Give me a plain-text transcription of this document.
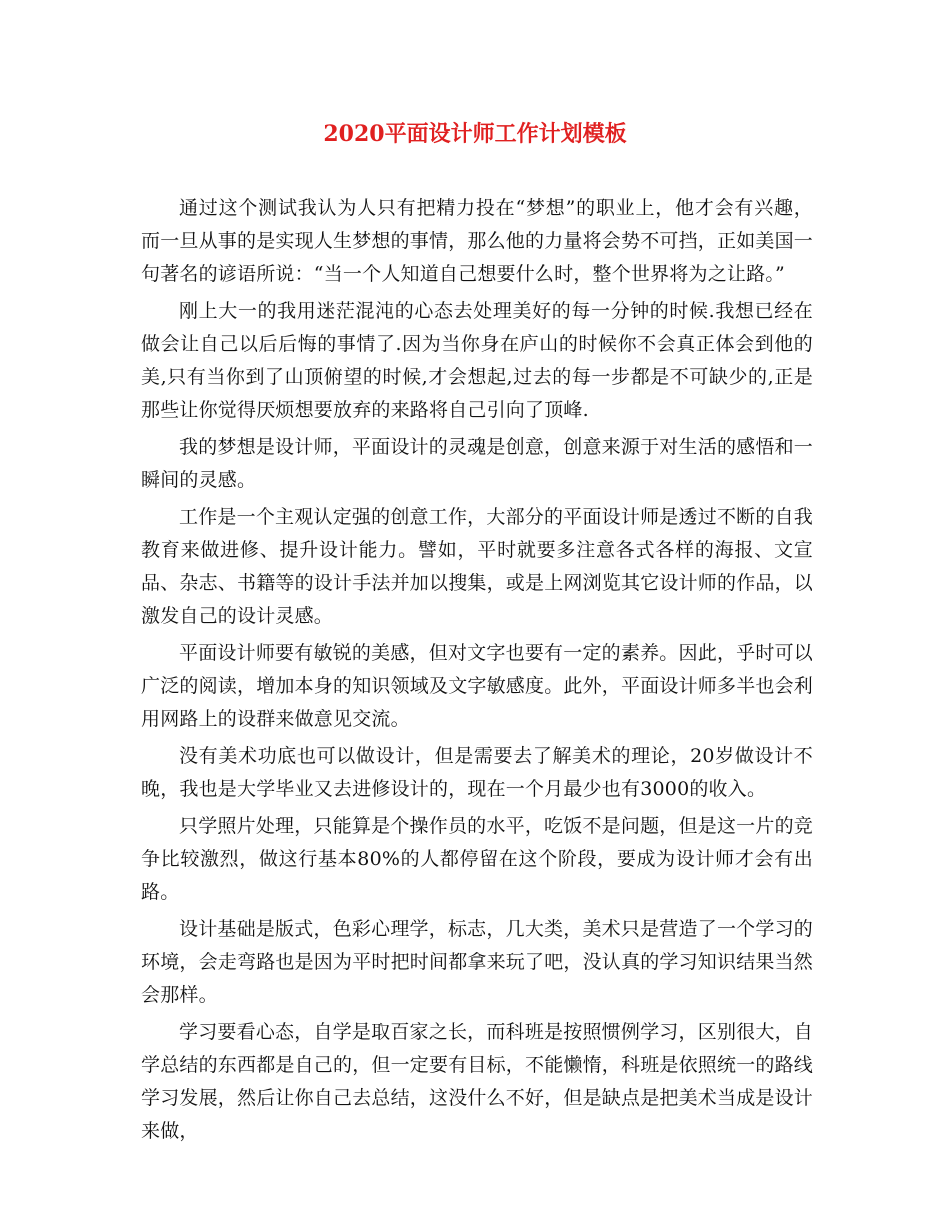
2020平面设计师工作计划模板

通过这个测试我认为人只有把精力投在“梦想”的职业上，他才会有兴趣，而一旦从事的是实现人生梦想的事情，那么他的力量将会势不可挡，正如美国一句著名的谚语所说：“当一个人知道自己想要什么时，整个世界将为之让路。”

刚上大一的我用迷茫混沌的心态去处理美好的每一分钟的时候.我想已经在做会让自己以后后悔的事情了.因为当你身在庐山的时候你不会真正体会到他的美,只有当你到了山顶俯望的时候,才会想起,过去的每一步都是不可缺少的,正是那些让你觉得厌烦想要放弃的来路将自己引向了顶峰.

我的梦想是设计师，平面设计的灵魂是创意，创意来源于对生活的感悟和一瞬间的灵感。

工作是一个主观认定强的创意工作，大部分的平面设计师是透过不断的自我教育来做进修、提升设计能力。譬如，平时就要多注意各式各样的海报、文宣品、杂志、书籍等的设计手法并加以搜集，或是上网浏览其它设计师的作品，以激发自己的设计灵感。

平面设计师要有敏锐的美感，但对文字也要有一定的素养。因此，乎时可以广泛的阅读，增加本身的知识领域及文字敏感度。此外，平面设计师多半也会利用网路上的设群来做意见交流。

没有美术功底也可以做设计，但是需要去了解美术的理论，20岁做设计不晚，我也是大学毕业又去进修设计的，现在一个月最少也有3000的收入。

只学照片处理，只能算是个操作员的水平，吃饭不是问题，但是这一片的竞争比较激烈，做这行基本80%的人都停留在这个阶段，要成为设计师才会有出路。

设计基础是版式，色彩心理学，标志，几大类，美术只是营造了一个学习的环境，会走弯路也是因为平时把时间都拿来玩了吧，没认真的学习知识结果当然会那样。

学习要看心态，自学是取百家之长，而科班是按照惯例学习，区别很大，自学总结的东西都是自己的，但一定要有目标，不能懒惰，科班是依照统一的路线学习发展，然后让你自己去总结，这没什么不好，但是缺点是把美术当成是设计来做，
